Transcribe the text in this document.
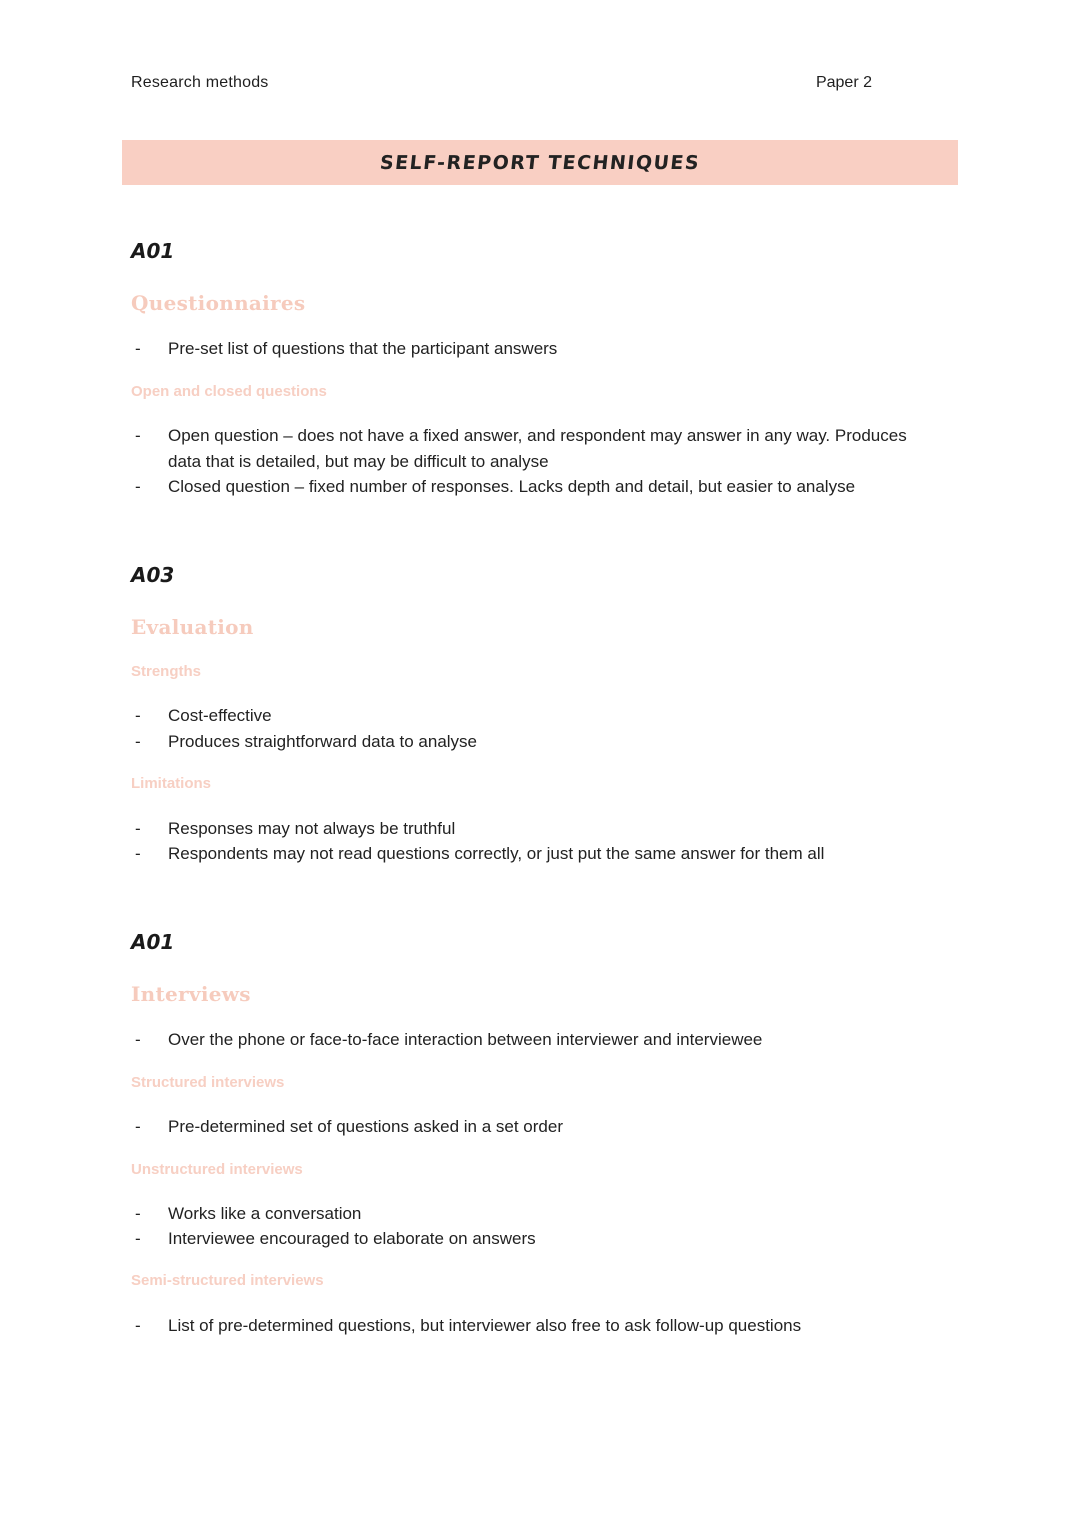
Research methods	Paper 2
SELF-REPORT TECHNIQUES
A01
Questionnaires
- Pre-set list of questions that the participant answers
Open and closed questions
- Open question – does not have a fixed answer, and respondent may answer in any way. Produces data that is detailed, but may be difficult to analyse
- Closed question – fixed number of responses. Lacks depth and detail, but easier to analyse
A03
Evaluation
Strengths
- Cost-effective
- Produces straightforward data to analyse
Limitations
- Responses may not always be truthful
- Respondents may not read questions correctly, or just put the same answer for them all
A01
Interviews
- Over the phone or face-to-face interaction between interviewer and interviewee
Structured interviews
- Pre-determined set of questions asked in a set order
Unstructured interviews
- Works like a conversation
- Interviewee encouraged to elaborate on answers
Semi-structured interviews
- List of pre-determined questions, but interviewer also free to ask follow-up questions
